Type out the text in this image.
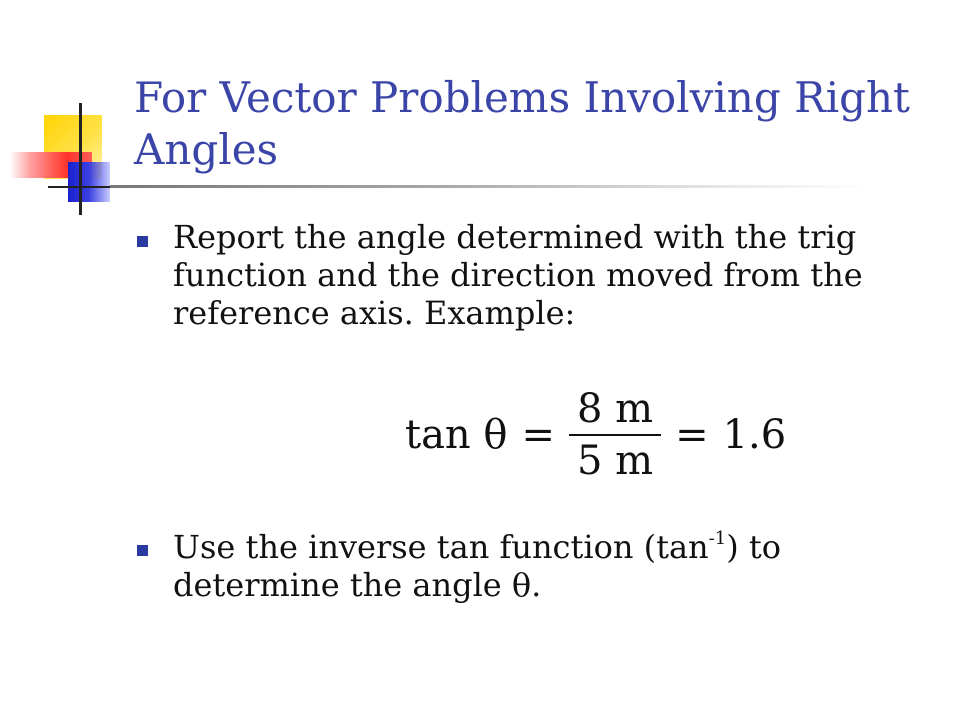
For Vector Problems Involving Right Angles

Report the angle determined with the trig function and the direction moved from the reference axis. Example:

tan θ =
8 m
5 m
= 1.6

Use the inverse tan function $(\tan^{-1})$ to determine the angle θ.
